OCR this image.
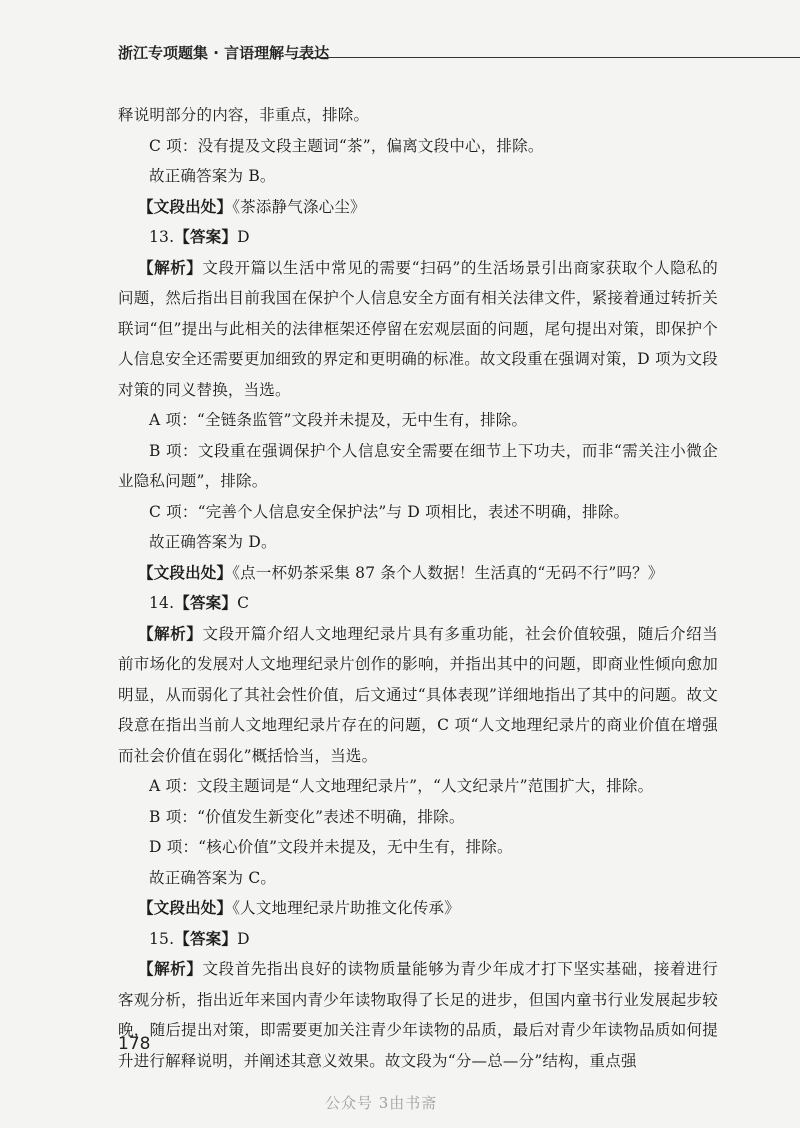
浙江专项题集 · 言语理解与表达

释说明部分的内容，非重点，排除。

C 项：没有提及文段主题词“茶”，偏离文段中心，排除。

故正确答案为 B。

【文段出处】《茶添静气涤心尘》

13.【答案】D

【解析】文段开篇以生活中常见的需要“扫码”的生活场景引出商家获取个人隐私的问题，然后指出目前我国在保护个人信息安全方面有相关法律文件，紧接着通过转折关联词“但”提出与此相关的法律框架还停留在宏观层面的问题，尾句提出对策，即保护个人信息安全还需要更加细致的界定和更明确的标准。故文段重在强调对策，D 项为文段对策的同义替换，当选。

A 项：“全链条监管”文段并未提及，无中生有，排除。

B 项：文段重在强调保护个人信息安全需要在细节上下功夫，而非“需关注小微企业隐私问题”，排除。

C 项：“完善个人信息安全保护法”与 D 项相比，表述不明确，排除。

故正确答案为 D。

【文段出处】《点一杯奶茶采集 87 条个人数据！生活真的“无码不行”吗？》

14.【答案】C

【解析】文段开篇介绍人文地理纪录片具有多重功能，社会价值较强，随后介绍当前市场化的发展对人文地理纪录片创作的影响，并指出其中的问题，即商业性倾向愈加明显，从而弱化了其社会性价值，后文通过“具体表现”详细地指出了其中的问题。故文段意在指出当前人文地理纪录片存在的问题，C 项“人文地理纪录片的商业价值在增强而社会价值在弱化”概括恰当，当选。

A 项：文段主题词是“人文地理纪录片”，“人文纪录片”范围扩大，排除。

B 项：“价值发生新变化”表述不明确，排除。

D 项：“核心价值”文段并未提及，无中生有，排除。

故正确答案为 C。

【文段出处】《人文地理纪录片助推文化传承》

15.【答案】D

【解析】文段首先指出良好的读物质量能够为青少年成才打下坚实基础，接着进行客观分析，指出近年来国内青少年读物取得了长足的进步，但国内童书行业发展起步较晚，随后提出对策，即需要更加关注青少年读物的品质，最后对青少年读物品质如何提升进行解释说明，并阐述其意义效果。故文段为“分—总—分”结构，重点强

178
公众号 3由书斋
